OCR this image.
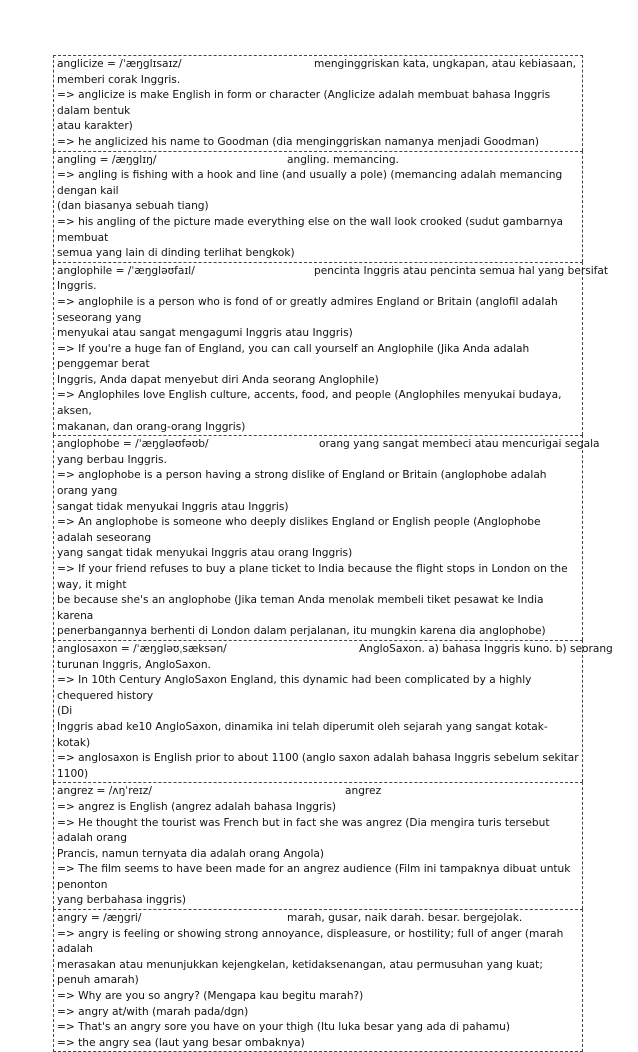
anglicize = /ˈæŋglɪsaɪz/	menginggriskan kata, ungkapan, atau kebiasaan,
memberi corak Inggris.
=> anglicize is make English in form or character (Anglicize adalah membuat bahasa Inggris dalam bentuk
atau karakter)
=> he anglicized his name to Goodman (dia menginggriskan namanya menjadi Goodman)
angling = /æŋglɪŋ/	angling. memancing.
=> angling is fishing with a hook and line (and usually a pole) (memancing adalah memancing dengan kail
(dan biasanya sebuah tiang)
=> his angling of the picture made everything else on the wall look crooked (sudut gambarnya membuat
semua yang lain di dinding terlihat bengkok)
anglophile = /ˈæŋgləʊfaɪl/	pencinta Inggris atau pencinta semua hal yang bersifat
Inggris.
=> anglophile is a person who is fond of or greatly admires England or Britain (anglofil adalah seseorang yang
menyukai atau sangat mengagumi Inggris atau Inggris)
=> If you're a huge fan of England, you can call yourself an Anglophile (Jika Anda adalah penggemar berat
Inggris, Anda dapat menyebut diri Anda seorang Anglophile)
=> Anglophiles love English culture, accents, food, and people (Anglophiles menyukai budaya, aksen,
makanan, dan orang-orang Inggris)
anglophobe = /ˈæŋgləʊfəʊb/	orang yang sangat membeci atau mencurigai segala
yang berbau Inggris.
=> anglophobe is a person having a strong dislike of England or Britain (anglophobe adalah orang yang
sangat tidak menyukai Inggris atau Inggris)
=> An anglophobe is someone who deeply dislikes England or English people (Anglophobe adalah seseorang
yang sangat tidak menyukai Inggris atau orang Inggris)
=> If your friend refuses to buy a plane ticket to India because the flight stops in London on the way, it might
be because she's an anglophobe (Jika teman Anda menolak membeli tiket pesawat ke India karena
penerbangannya berhenti di London dalam perjalanan, itu mungkin karena dia anglophobe)
anglosaxon = /ˈæŋgləʊˌsæksən/	AngloSaxon. a) bahasa Inggris kuno. b) seorang
turunan Inggris, AngloSaxon.
=> In 10th Century AngloSaxon England, this dynamic had been complicated by a highly chequered history
(Di
Inggris abad ke10 AngloSaxon, dinamika ini telah diperumit oleh sejarah yang sangat kotak-kotak)
=> anglosaxon is English prior to about 1100 (anglo saxon adalah bahasa Inggris sebelum sekitar 1100)
angrez = /ʌŋˈreɪz/	angrez
=> angrez is English (angrez adalah bahasa Inggris)
=> He thought the tourist was French but in fact she was angrez (Dia mengira turis tersebut adalah orang
Prancis, namun ternyata dia adalah orang Angola)
=> The film seems to have been made for an angrez audience (Film ini tampaknya dibuat untuk penonton
yang berbahasa inggris)
angry = /æŋgri/	marah, gusar, naik darah. besar. bergejolak.
=> angry is feeling or showing strong annoyance, displeasure, or hostility; full of anger (marah adalah
merasakan atau menunjukkan kejengkelan, ketidaksenangan, atau permusuhan yang kuat; penuh amarah)
=> Why are you so angry? (Mengapa kau begitu marah?)
=> angry at/with (marah pada/dgn)
=> That's an angry sore you have on your thigh (Itu luka besar yang ada di pahamu)
=> the angry sea (laut yang besar ombaknya)
